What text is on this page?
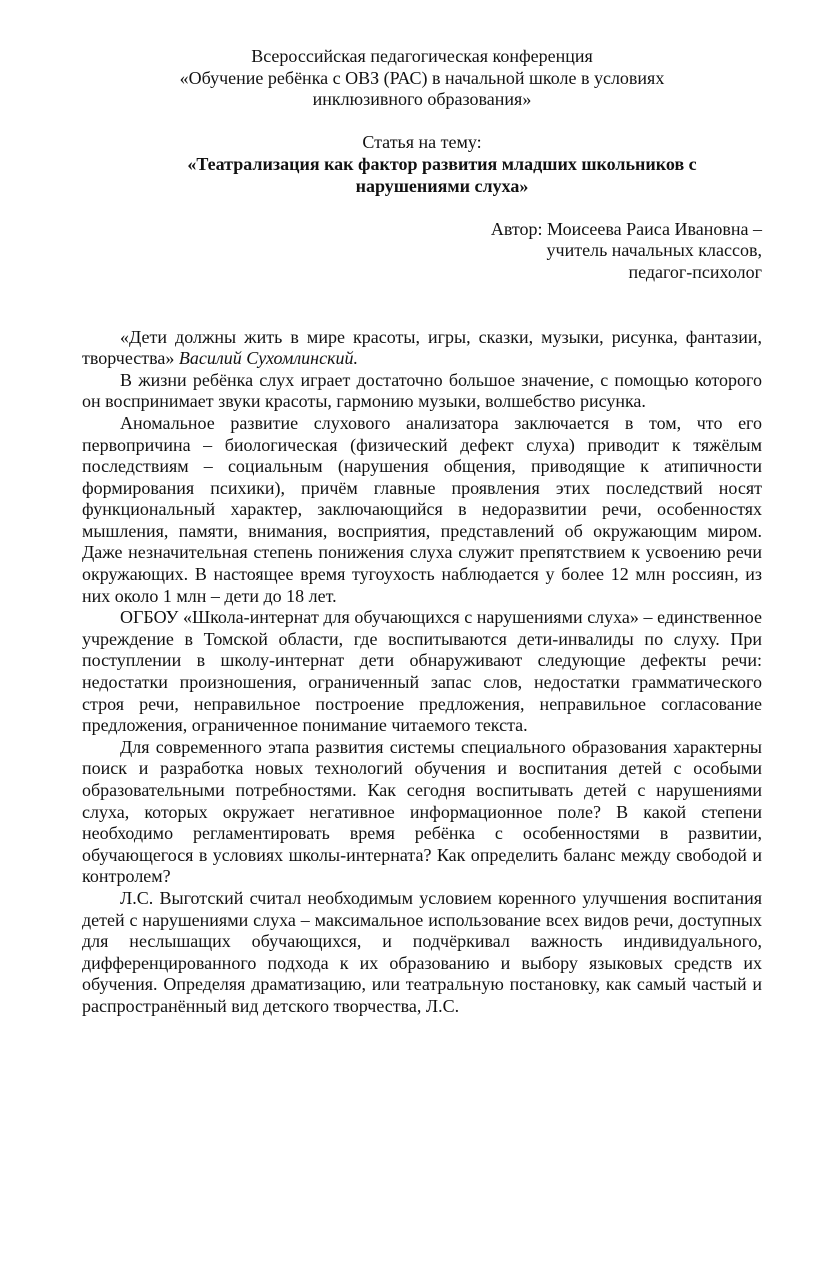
Всероссийская педагогическая конференция
«Обучение ребёнка с ОВЗ (РАС) в начальной школе в условиях
инклюзивного образования»
Статья на тему:
«Театрализация как фактор развития младших школьников с
нарушениями слуха»
Автор: Моисеева Раиса Ивановна –
учитель начальных классов,
педагог-психолог

«Дети должны жить в мире красоты, игры, сказки, музыки, рисунка, фантазии, творчества» Василий Сухомлинский.

В жизни ребёнка слух играет достаточно большое значение, с помощью которого он воспринимает звуки красоты, гармонию музыки, волшебство рисунка.

Аномальное развитие слухового анализатора заключается в том, что его первопричина – биологическая (физический дефект слуха) приводит к тяжёлым последствиям – социальным (нарушения общения, приводящие к атипичности формирования психики), причём главные проявления этих последствий носят функциональный характер, заключающийся в недоразвитии речи, особенностях мышления, памяти, внимания, восприятия, представлений об окружающим миром. Даже незначительная степень понижения слуха служит препятствием к усвоению речи окружающих. В настоящее время тугоухость наблюдается у более 12 млн россиян, из них около 1 млн – дети до 18 лет.

ОГБОУ «Школа-интернат для обучающихся с нарушениями слуха» – единственное учреждение в Томской области, где воспитываются дети-инвалиды по слуху. При поступлении в школу-интернат дети обнаруживают следующие дефекты речи: недостатки произношения, ограниченный запас слов, недостатки грамматического строя речи, неправильное построение предложения, неправильное согласование предложения, ограниченное понимание читаемого текста.

Для современного этапа развития системы специального образования характерны поиск и разработка новых технологий обучения и воспитания детей с особыми образовательными потребностями. Как сегодня воспитывать детей с нарушениями слуха, которых окружает негативное информационное поле? В какой степени необходимо регламентировать время ребёнка с особенностями в развитии, обучающегося в условиях школы-интерната? Как определить баланс между свободой и контролем?

Л.С. Выготский считал необходимым условием коренного улучшения воспитания детей с нарушениями слуха – максимальное использование всех видов речи, доступных для неслышащих обучающихся, и подчёркивал важность индивидуального, дифференцированного подхода к их образованию и выбору языковых средств их обучения. Определяя драматизацию, или театральную постановку, как самый частый и распространённый вид детского творчества, Л.С.
